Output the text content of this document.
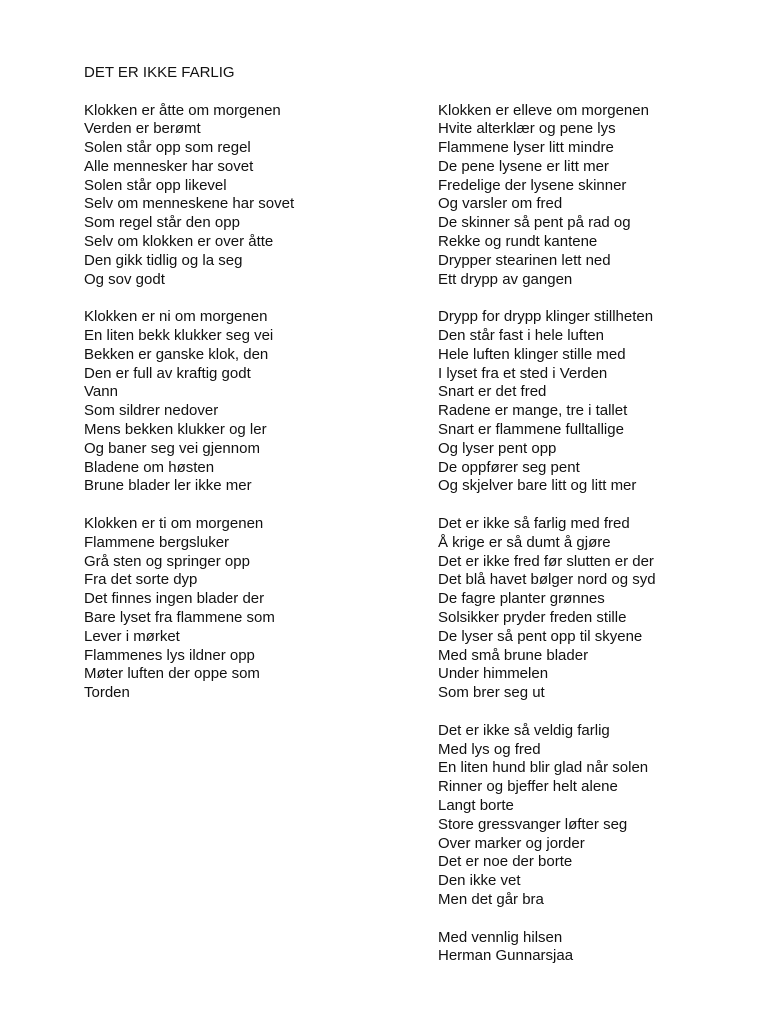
DET ER IKKE FARLIG
Klokken er åtte om morgenen
Verden er berømt
Solen står opp som regel
Alle mennesker har sovet
Solen står opp likevel
Selv om menneskene har sovet
Som regel står den opp
Selv om klokken er over åtte
Den gikk tidlig og la seg
Og sov godt
Klokken er ni om morgenen
En liten bekk klukker seg vei
Bekken er ganske klok, den
Den er full av kraftig godt
Vann
Som sildrer nedover
Mens bekken klukker og ler
Og baner seg vei gjennom
Bladene om høsten
Brune blader ler ikke mer
Klokken er ti om morgenen
Flammene bergsluker
Grå sten og springer opp
Fra det sorte dyp
Det finnes ingen blader der
Bare lyset fra flammene som
Lever i mørket
Flammenes lys ildner opp
Møter luften der oppe som
Torden
Klokken er elleve om morgenen
Hvite alterklær og pene lys
Flammene lyser litt mindre
De pene lysene er litt mer
Fredelige der lysene skinner
Og varsler om fred
De skinner så pent på rad og
Rekke og rundt kantene
Drypper stearinen lett ned
Ett drypp av gangen
Drypp for drypp klinger stillheten
Den står fast i hele luften
Hele luften klinger stille med
I lyset fra et sted i Verden
Snart er det fred
Radene er mange, tre i tallet
Snart er flammene fulltallige
Og lyser pent opp
De oppfører seg pent
Og skjelver bare litt og litt mer
Det er ikke så farlig med fred
Å krige er så dumt å gjøre
Det er ikke fred før slutten er der
Det blå havet bølger nord og syd
De fagre planter grønnes
Solsikker pryder freden stille
De lyser så pent opp til skyene
Med små brune blader
Under himmelen
Som brer seg ut
Det er ikke så veldig farlig
Med lys og fred
En liten hund blir glad når solen
Rinner og bjeffer helt alene
Langt borte
Store gressvanger løfter seg
Over marker og jorder
Det er noe der borte
Den ikke vet
Men det går bra
Med vennlig hilsen
Herman Gunnarsjaa
